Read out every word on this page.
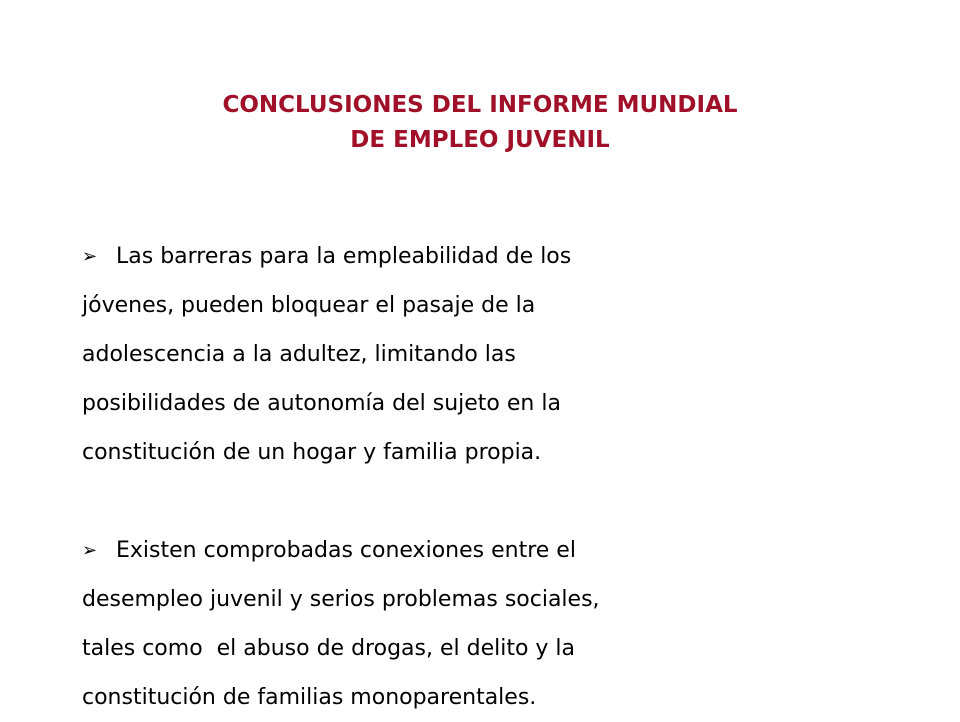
CONCLUSIONES DEL INFORME MUNDIAL
DE EMPLEO JUVENIL
➢ Las barreras para la empleabilidad de los
jóvenes, pueden bloquear el pasaje de la
adolescencia a la adultez, limitando las
posibilidades de autonomía del sujeto en la
constitución de un hogar y familia propia.
➢ Existen comprobadas conexiones entre el
desempleo juvenil y serios problemas sociales,
tales como  el abuso de drogas, el delito y la
constitución de familias monoparentales.
